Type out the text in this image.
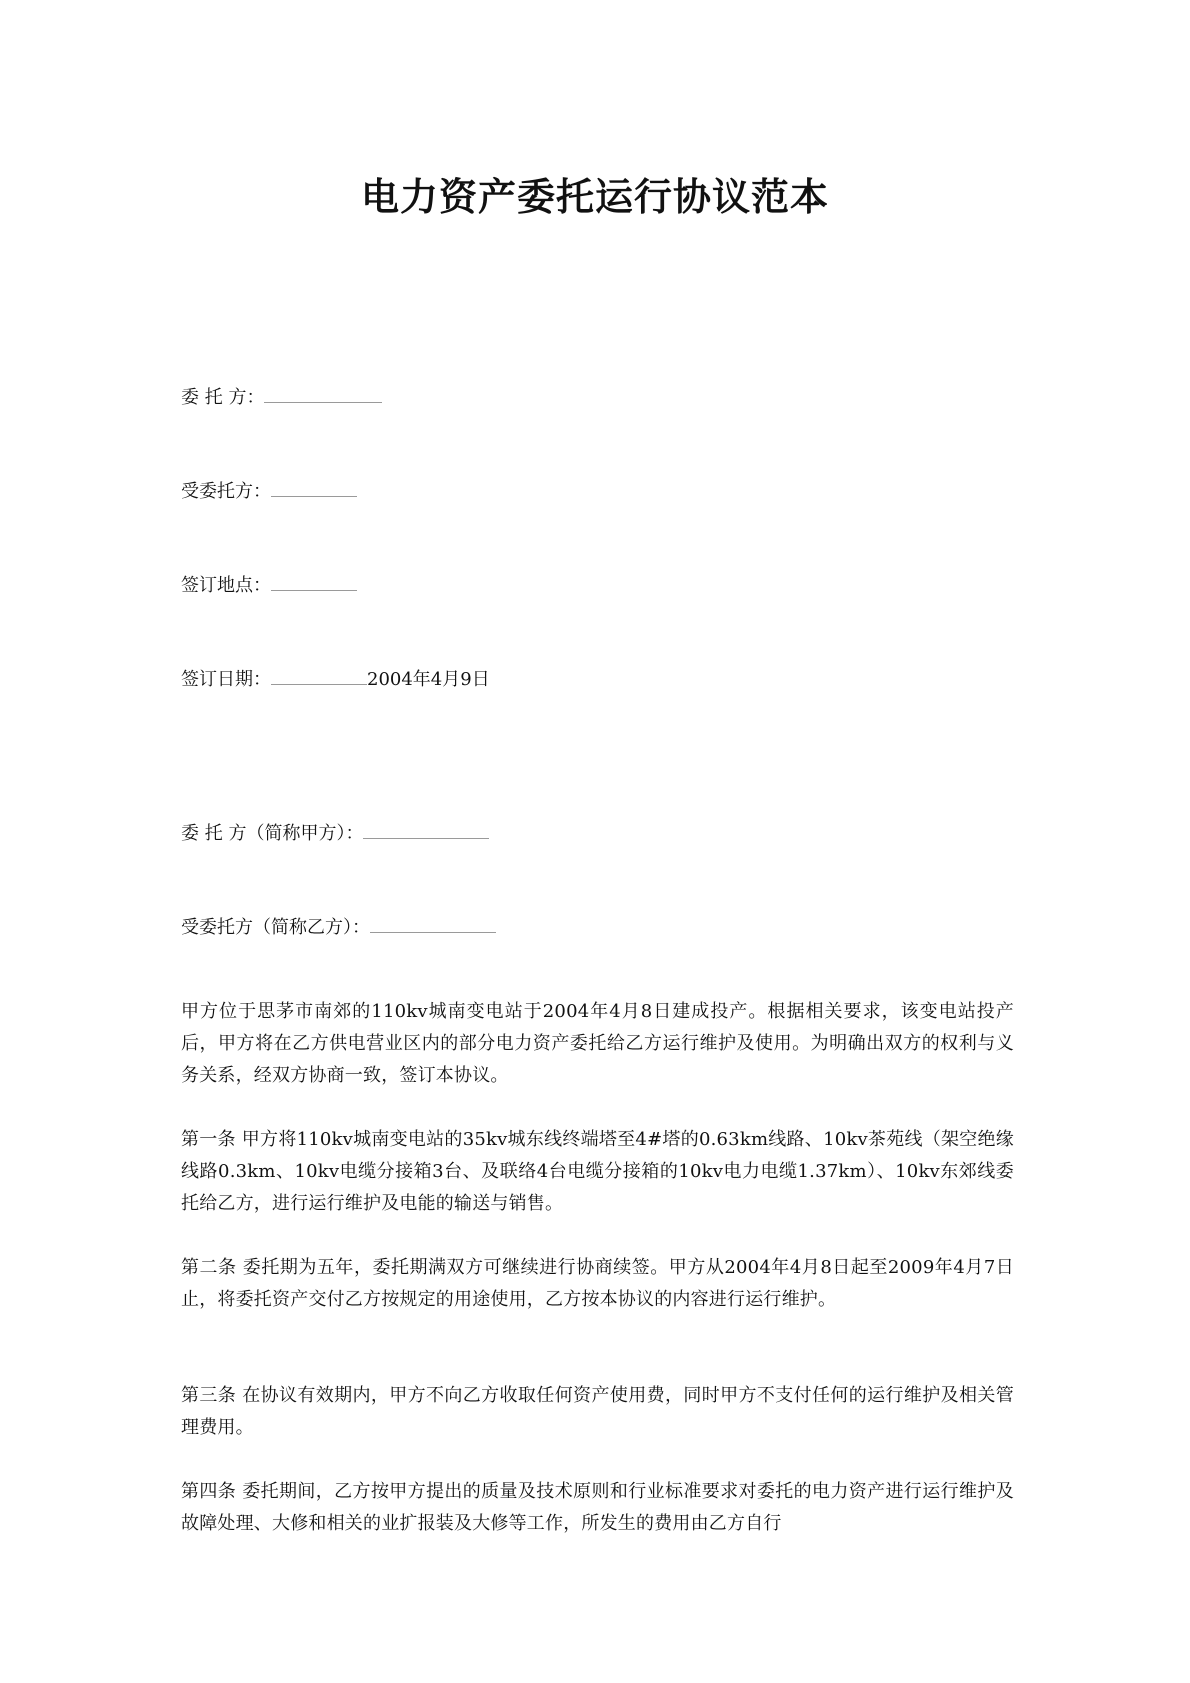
电力资产委托运行协议范本
委 托 方：
受委托方：
签订地点：
签订日期：	2004年4月9日
委 托 方（简称甲方）：
受委托方（简称乙方）：

甲方位于思茅市南郊的110kv城南变电站于2004年4月8日建成投产。根据相关要求，该变电站投产后，甲方将在乙方供电营业区内的部分电力资产委托给乙方运行维护及使用。为明确出双方的权利与义务关系，经双方协商一致，签订本协议。

第一条 甲方将110kv城南变电站的35kv城东线终端塔至4#塔的0.63km线路、10kv茶苑线（架空绝缘线路0.3km、10kv电缆分接箱3台、及联络4台电缆分接箱的10kv电力电缆1.37km）、10kv东郊线委托给乙方，进行运行维护及电能的输送与销售。

第二条 委托期为五年，委托期满双方可继续进行协商续签。甲方从2004年4月8日起至2009年4月7日止，将委托资产交付乙方按规定的用途使用，乙方按本协议的内容进行运行维护。

第三条 在协议有效期内，甲方不向乙方收取任何资产使用费，同时甲方不支付任何的运行维护及相关管理费用。

第四条 委托期间，乙方按甲方提出的质量及技术原则和行业标准要求对委托的电力资产进行运行维护及故障处理、大修和相关的业扩报装及大修等工作，所发生的费用由乙方自行
